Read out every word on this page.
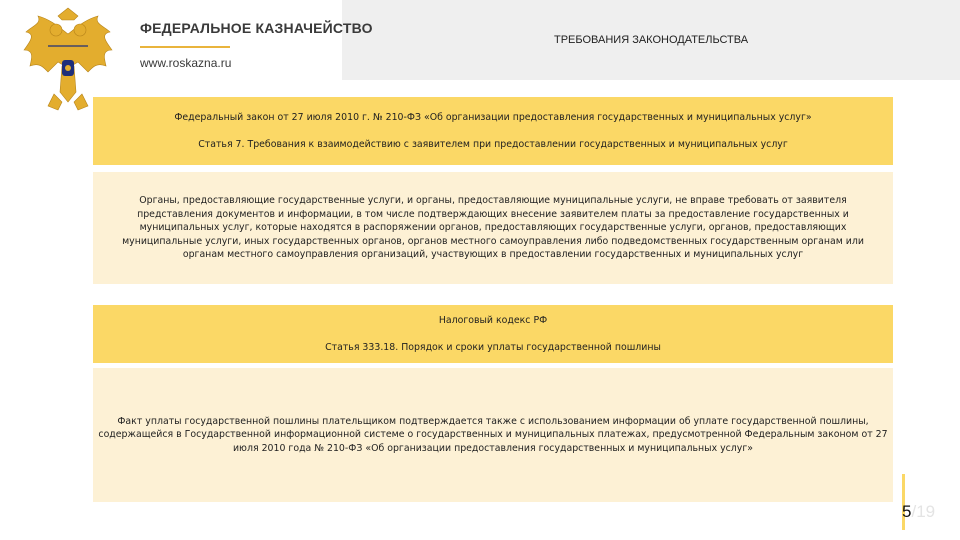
ФЕДЕРАЛЬНОЕ КАЗНАЧЕЙСТВО
www.roskazna.ru
ТРЕБОВАНИЯ ЗАКОНОДАТЕЛЬСТВА
Федеральный закон от 27 июля 2010 г. № 210-ФЗ «Об организации предоставления государственных и муниципальных услуг»
Статья 7. Требования к взаимодействию с заявителем при предоставлении государственных и муниципальных услуг
Органы, предоставляющие государственные услуги, и органы, предоставляющие муниципальные услуги, не вправе требовать от заявителя представления документов и информации, в том числе подтверждающих внесение заявителем платы за предоставление государственных и муниципальных услуг, которые находятся в распоряжении органов, предоставляющих государственные услуги, органов, предоставляющих муниципальные услуги, иных государственных органов, органов местного самоуправления либо подведомственных государственным органам или органам местного самоуправления организаций, участвующих в предоставлении государственных и муниципальных услуг
Налоговый кодекс РФ
Статья 333.18. Порядок и сроки уплаты государственной пошлины
Факт уплаты государственной пошлины плательщиком подтверждается также с использованием информации об уплате государственной пошлины, содержащейся в Государственной информационной системе о государственных и муниципальных платежах, предусмотренной Федеральным законом от 27 июля 2010 года № 210-ФЗ «Об организации предоставления государственных и муниципальных услуг»
5/19
